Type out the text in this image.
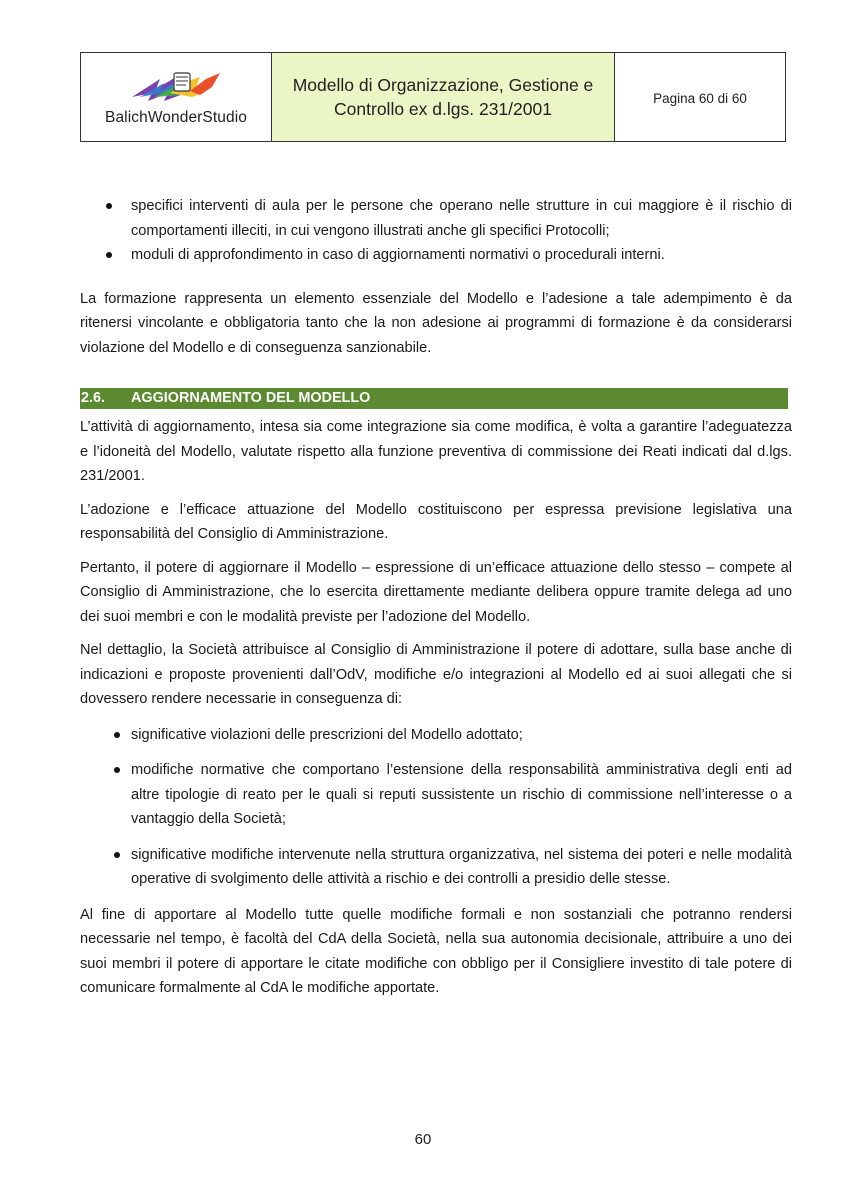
BalichWonderStudio
Modello di Organizzazione, Gestione e
Controllo ex d.lgs. 231/2001
Pagina 60 di 60
specifici interventi di aula per le persone che operano nelle strutture in cui maggiore è il rischio di comportamenti illeciti, in cui vengono illustrati anche gli specifici Protocolli;
moduli di approfondimento in caso di aggiornamenti normativi o procedurali interni.

La formazione rappresenta un elemento essenziale del Modello e l’adesione a tale adempimento è da ritenersi vincolante e obbligatoria tanto che la non adesione ai programmi di formazione è da considerarsi violazione del Modello e di conseguenza sanzionabile.

2.6.	AGGIORNAMENTO DEL MODELLO

L’attività di aggiornamento, intesa sia come integrazione sia come modifica, è volta a garantire l’adeguatezza e l’idoneità del Modello, valutate rispetto alla funzione preventiva di commissione dei Reati indicati dal d.lgs. 231/2001.

L’adozione e l’efficace attuazione del Modello costituiscono per espressa previsione legislativa una responsabilità del Consiglio di Amministrazione.

Pertanto, il potere di aggiornare il Modello – espressione di un’efficace attuazione dello stesso – compete al Consiglio di Amministrazione, che lo esercita direttamente mediante delibera oppure tramite delega ad uno dei suoi membri e con le modalità previste per l’adozione del Modello.

Nel dettaglio, la Società attribuisce al Consiglio di Amministrazione il potere di adottare, sulla base anche di indicazioni e proposte provenienti dall’OdV, modifiche e/o integrazioni al Modello ed ai suoi allegati che si dovessero rendere necessarie in conseguenza di:

significative violazioni delle prescrizioni del Modello adottato;
modifiche normative che comportano l’estensione della responsabilità amministrativa degli enti ad altre tipologie di reato per le quali si reputi sussistente un rischio di commissione nell’interesse o a vantaggio della Società;
significative modifiche intervenute nella struttura organizzativa, nel sistema dei poteri e nelle modalità operative di svolgimento delle attività a rischio e dei controlli a presidio delle stesse.

Al fine di apportare al Modello tutte quelle modifiche formali e non sostanziali che potranno rendersi necessarie nel tempo, è facoltà del CdA della Società, nella sua autonomia decisionale, attribuire a uno dei suoi membri il potere di apportare le citate modifiche con obbligo per il Consigliere investito di tale potere di comunicare formalmente al CdA le modifiche apportate.

60
